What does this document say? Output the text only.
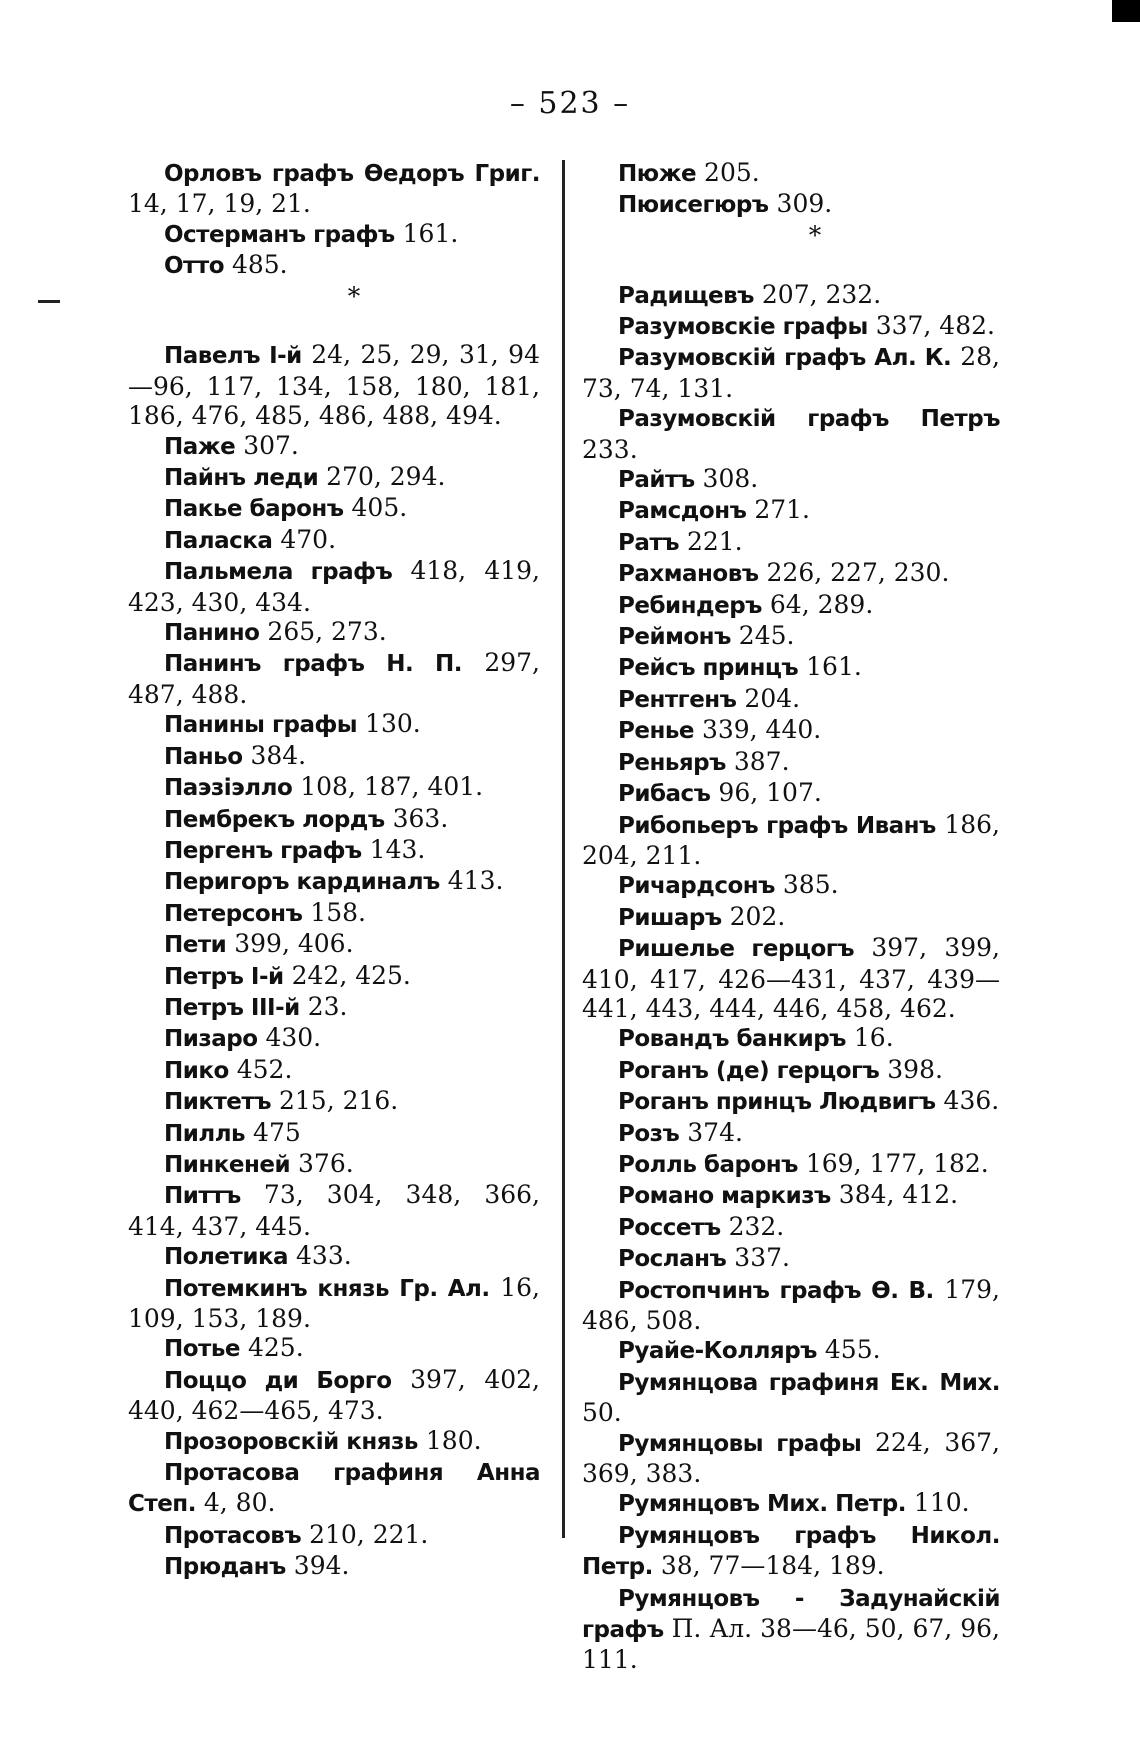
– 523 –

Орловъ графъ Өедоръ Григ. 14, 17, 19, 21.

Остерманъ графъ 161.

Отто 485.

*

Павелъ I-й 24, 25, 29, 31, 94—96, 117, 134, 158, 180, 181, 186, 476, 485, 486, 488, 494.

Паже 307.

Пайнъ леди 270, 294.

Пакье баронъ 405.

Паласка 470.

Пальмела графъ 418, 419, 423, 430, 434.

Панино 265, 273.

Панинъ графъ Н. П. 297, 487, 488.

Панины графы 130.

Паньо 384.

Паэзіэлло 108, 187, 401.

Пембрекъ лордъ 363.

Пергенъ графъ 143.

Перигоръ кардиналъ 413.

Петерсонъ 158.

Пети 399, 406.

Петръ I-й 242, 425.

Петръ III-й 23.

Пизаро 430.

Пико 452.

Пиктетъ 215, 216.

Пилль 475

Пинкеней 376.

Питтъ 73, 304, 348, 366, 414, 437, 445.

Полетика 433.

Потемкинъ князь Гр. Ал. 16, 109, 153, 189.

Потье 425.

Поццо ди Борго 397, 402, 440, 462—465, 473.

Прозоровскій князь 180.

Протасова графиня Анна Степ. 4, 80.

Протасовъ 210, 221.

Прюданъ 394.

Пюже 205.

Пюисегюръ 309.

*

Радищевъ 207, 232.

Разумовскіе графы 337, 482.

Разумовскій графъ Ал. К. 28, 73, 74, 131.

Разумовскій графъ Петръ 233.

Райтъ 308.

Рамсдонъ 271.

Ратъ 221.

Рахмановъ 226, 227, 230.

Ребиндеръ 64, 289.

Реймонъ 245.

Рейсъ принцъ 161.

Рентгенъ 204.

Ренье 339, 440.

Реньяръ 387.

Рибасъ 96, 107.

Рибопьеръ графъ Иванъ 186, 204, 211.

Ричардсонъ 385.

Ришаръ 202.

Ришелье герцогъ 397, 399, 410, 417, 426—431, 437, 439—441, 443, 444, 446, 458, 462.

Ровандъ банкиръ 16.

Роганъ (де) герцогъ 398.

Роганъ принцъ Людвигъ 436.

Розъ 374.

Ролль баронъ 169, 177, 182.

Романо маркизъ 384, 412.

Россетъ 232.

Росланъ 337.

Ростопчинъ графъ Ө. В. 179, 486, 508.

Руайе-Колляръ 455.

Румянцова графиня Ек. Мих. 50.

Румянцовы графы 224, 367, 369, 383.

Румянцовъ Мих. Петр. 110.

Румянцовъ графъ Никол. Петр. 38, 77—184, 189.

Румянцовъ - Задунайскій графъ П. Ал. 38—46, 50, 67, 96, 111.
